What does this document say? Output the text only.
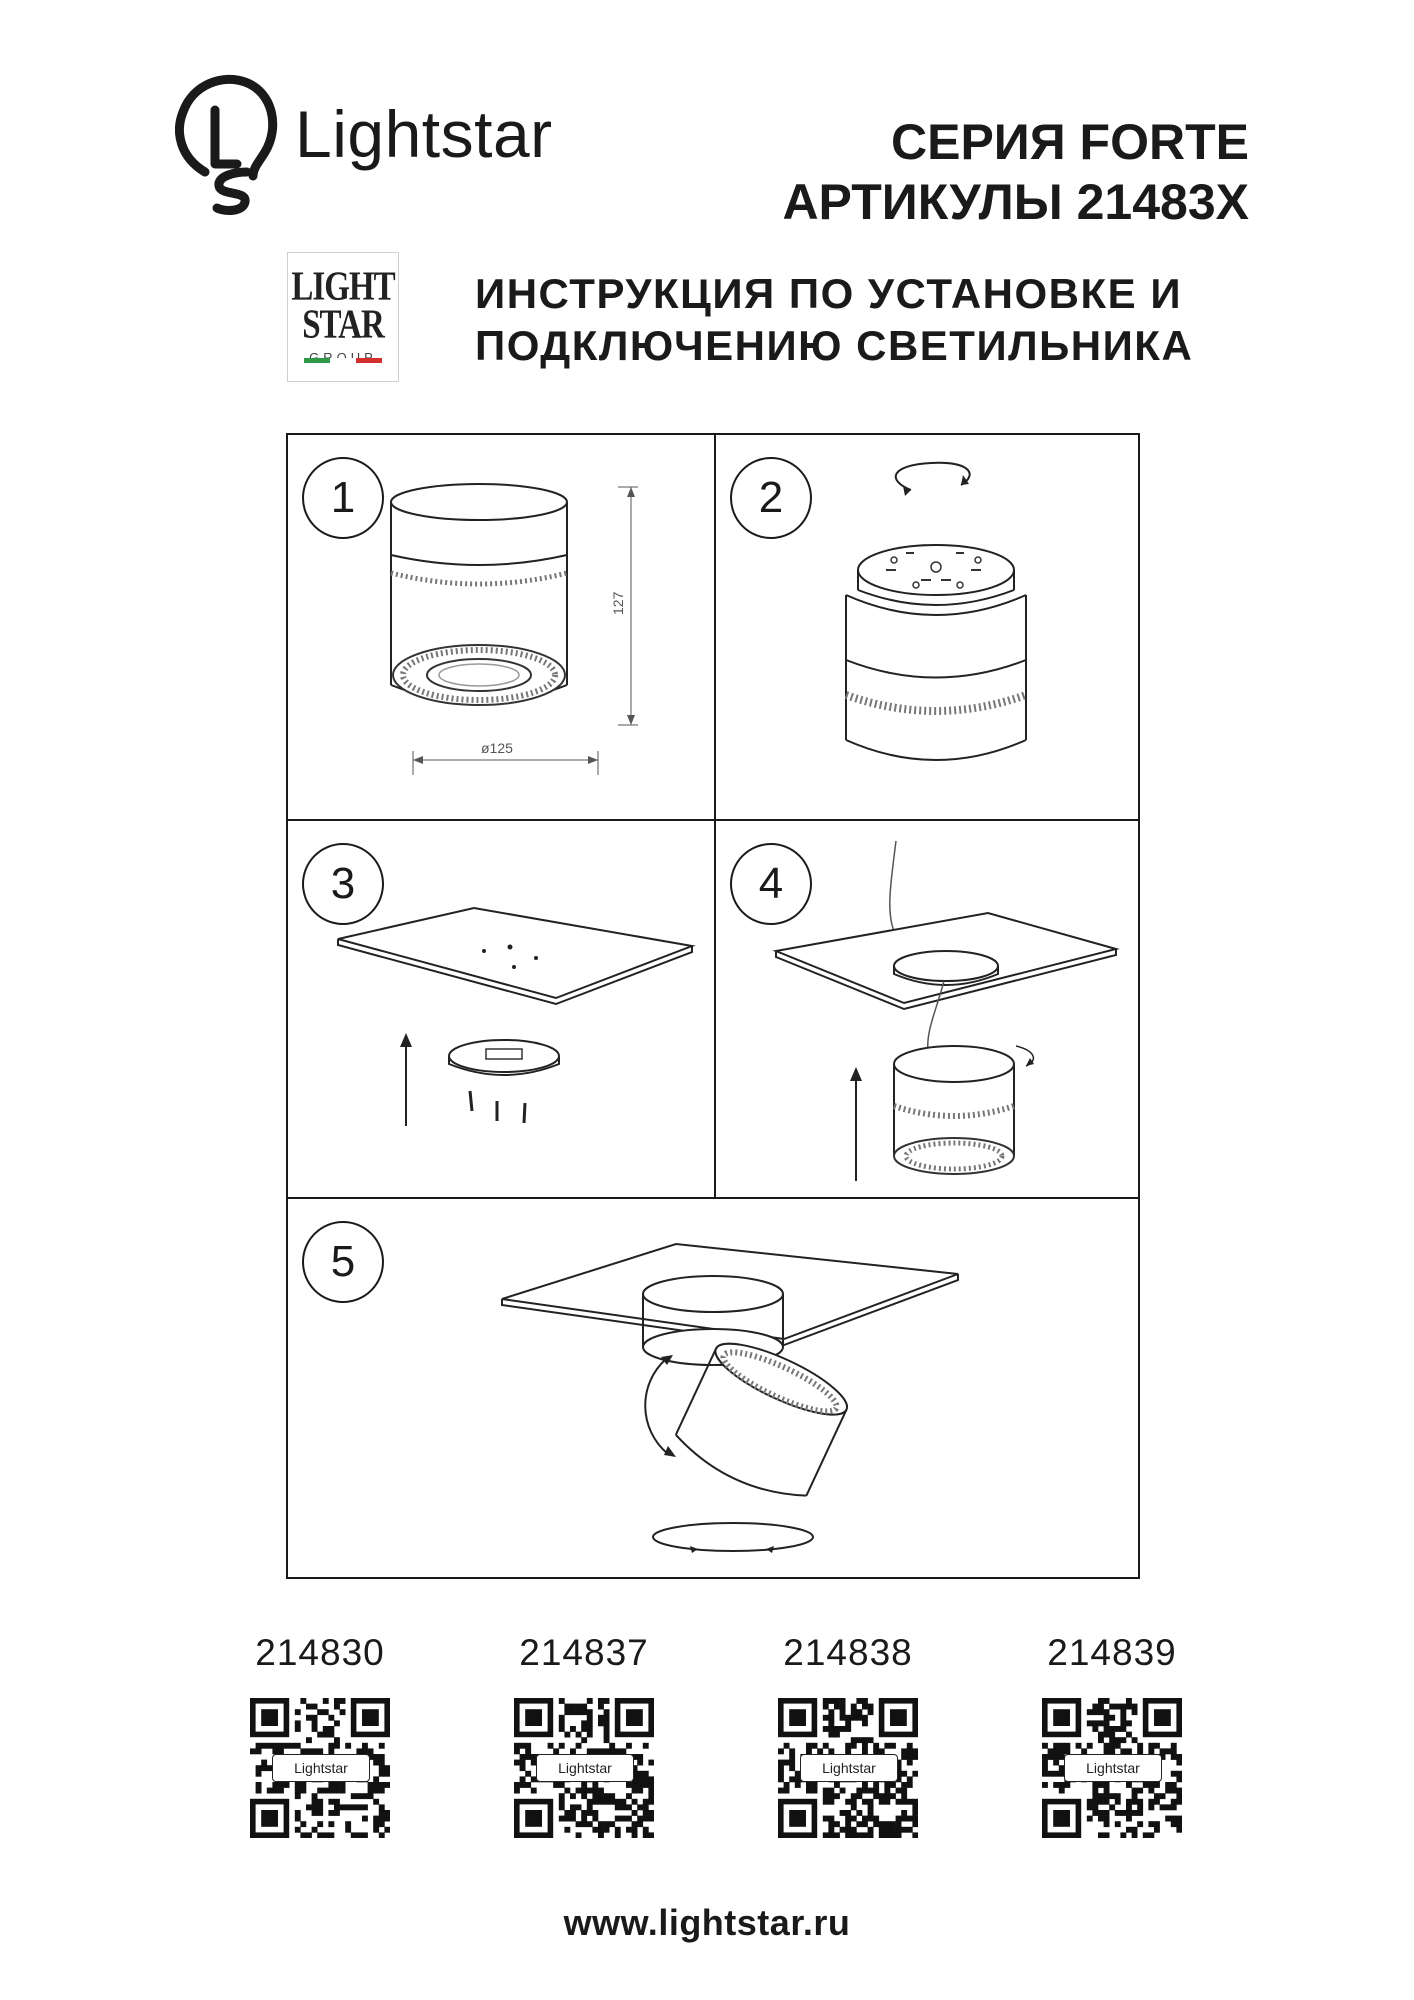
Lightstar	СЕРИЯ FORTE
АРТИКУЛЫ 21483Х
LIGHT
STAR
ИНСТРУКЦИЯ ПО УСТАНОВКЕ И
ПОДКЛЮЧЕНИЮ СВЕТИЛЬНИКА
127
ø125
1	2
3	4
5
214830
Lightstar
214837
Lightstar
214838
Lightstar
214839
Lightstar
www.lightstar.ru
